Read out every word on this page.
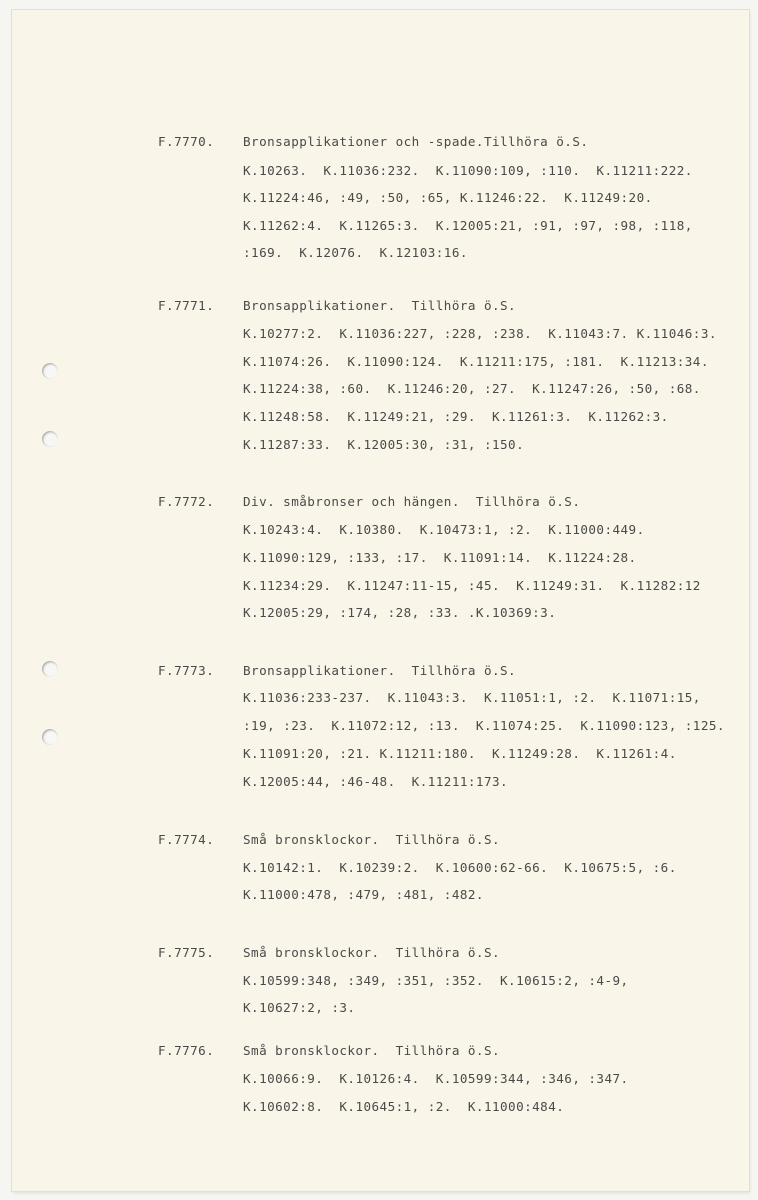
F.7770. Bronsapplikationer och -spade.Tillhöra ö.S.
K.10263.  K.11036:232.  K.11090:109, :110.  K.11211:222.
K.11224:46, :49, :50, :65, K.11246:22.  K.11249:20.
K.11262:4.  K.11265:3.  K.12005:21, :91, :97, :98, :118,
:169.  K.12076.  K.12103:16.
F.7771. Bronsapplikationer.  Tillhöra ö.S.
K.10277:2.  K.11036:227, :228, :238.  K.11043:7. K.11046:3.
K.11074:26.  K.11090:124.  K.11211:175, :181.  K.11213:34.
K.11224:38, :60.  K.11246:20, :27.  K.11247:26, :50, :68.
K.11248:58.  K.11249:21, :29.  K.11261:3.  K.11262:3.
K.11287:33.  K.12005:30, :31, :150.
F.7772. Div. småbronser och hängen.  Tillhöra ö.S.
K.10243:4.  K.10380.  K.10473:1, :2.  K.11000:449.
K.11090:129, :133, :17.  K.11091:14.  K.11224:28.
K.11234:29.  K.11247:11-15, :45.  K.11249:31.  K.11282:12
K.12005:29, :174, :28, :33. .K.10369:3.
F.7773. Bronsapplikationer.  Tillhöra ö.S.
K.11036:233-237.  K.11043:3.  K.11051:1, :2.  K.11071:15,
:19, :23.  K.11072:12, :13.  K.11074:25.  K.11090:123, :125.
K.11091:20, :21. K.11211:180.  K.11249:28.  K.11261:4.
K.12005:44, :46-48.  K.11211:173.
F.7774. Små bronsklockor.  Tillhöra ö.S.
K.10142:1.  K.10239:2.  K.10600:62-66.  K.10675:5, :6.
K.11000:478, :479, :481, :482.
F.7775. Små bronsklockor.  Tillhöra ö.S.
K.10599:348, :349, :351, :352.  K.10615:2, :4-9,
K.10627:2, :3.
F.7776. Små bronsklockor.  Tillhöra ö.S.
K.10066:9.  K.10126:4.  K.10599:344, :346, :347.
K.10602:8.  K.10645:1, :2.  K.11000:484.
